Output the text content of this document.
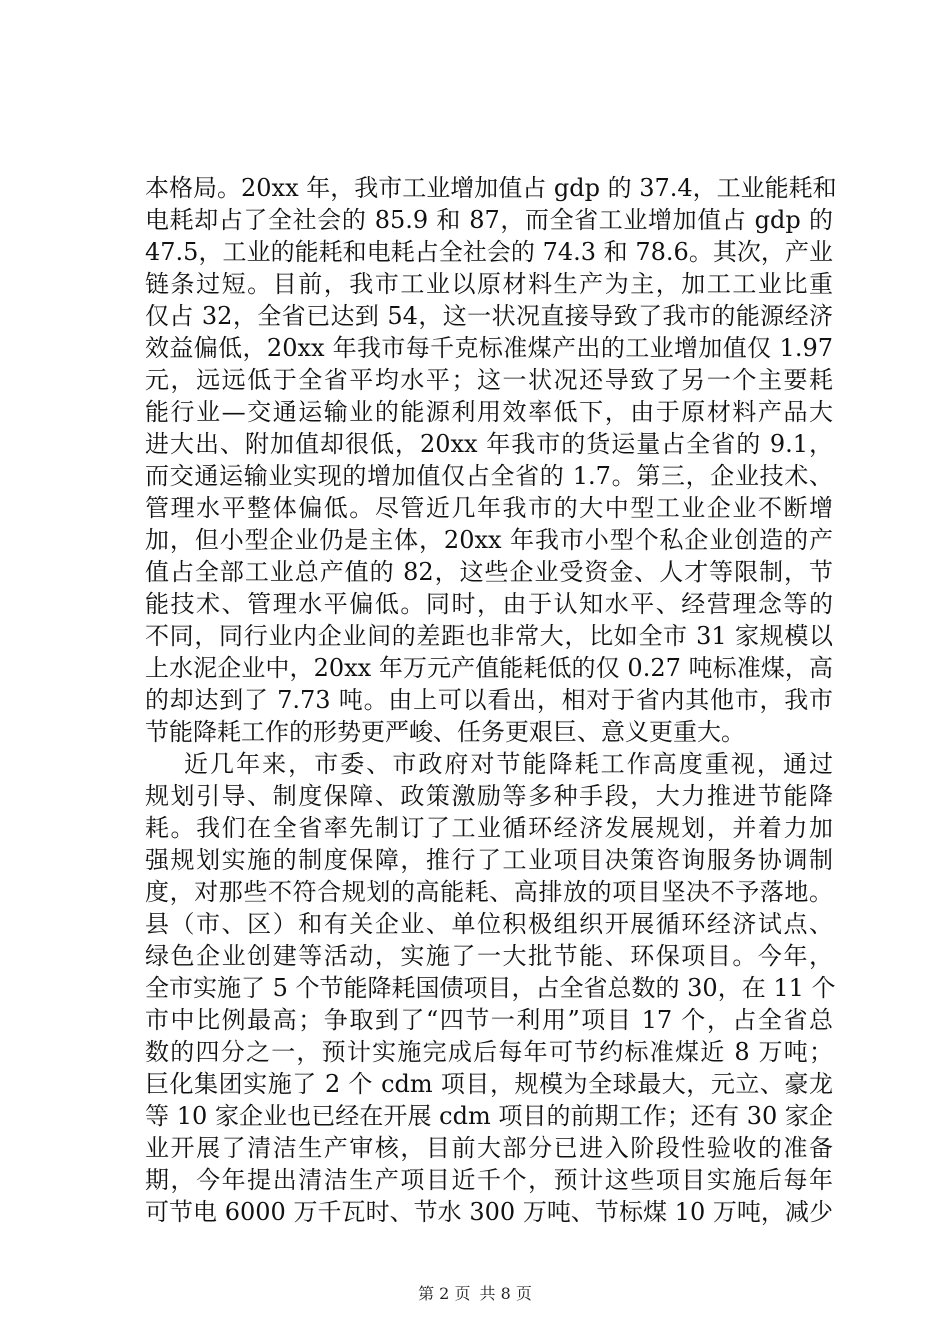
本格局。20xx 年，我市工业增加值占 gdp 的 37.4，工业能耗和
电耗却占了全社会的 85.9 和 87，而全省工业增加值占 gdp 的
47.5，工业的能耗和电耗占全社会的 74.3 和 78.6。其次，产业
链条过短。目前，我市工业以原材料生产为主，加工工业比重
仅占 32，全省已达到 54，这一状况直接导致了我市的能源经济
效益偏低，20xx 年我市每千克标准煤产出的工业增加值仅 1.97
元，远远低于全省平均水平；这一状况还导致了另一个主要耗
能行业—交通运输业的能源利用效率低下，由于原材料产品大
进大出、附加值却很低，20xx 年我市的货运量占全省的 9.1，
而交通运输业实现的增加值仅占全省的 1.7。第三，企业技术、
管理水平整体偏低。尽管近几年我市的大中型工业企业不断增
加，但小型企业仍是主体，20xx 年我市小型个私企业创造的产
值占全部工业总产值的 82，这些企业受资金、人才等限制，节
能技术、管理水平偏低。同时，由于认知水平、经营理念等的
不同，同行业内企业间的差距也非常大，比如全市 31 家规模以
上水泥企业中，20xx 年万元产值能耗低的仅 0.27 吨标准煤，高
的却达到了 7.73 吨。由上可以看出，相对于省内其他市，我市
节能降耗工作的形势更严峻、任务更艰巨、意义更重大。
近几年来，市委、市政府对节能降耗工作高度重视，通过
规划引导、制度保障、政策激励等多种手段，大力推进节能降
耗。我们在全省率先制订了工业循环经济发展规划，并着力加
强规划实施的制度保障，推行了工业项目决策咨询服务协调制
度，对那些不符合规划的高能耗、高排放的项目坚决不予落地。
县（市、区）和有关企业、单位积极组织开展循环经济试点、
绿色企业创建等活动，实施了一大批节能、环保项目。今年，
全市实施了 5 个节能降耗国债项目，占全省总数的 30，在 11 个
市中比例最高；争取到了“四节一利用”项目 17 个，占全省总
数的四分之一，预计实施完成后每年可节约标准煤近 8 万吨；
巨化集团实施了 2 个 cdm 项目，规模为全球最大，元立、豪龙
等 10 家企业也已经在开展 cdm 项目的前期工作；还有 30 家企
业开展了清洁生产审核，目前大部分已进入阶段性验收的准备
期，今年提出清洁生产项目近千个，预计这些项目实施后每年
可节电 6000 万千瓦时、节水 300 万吨、节标煤 10 万吨，减少
第 2 页 共 8 页
